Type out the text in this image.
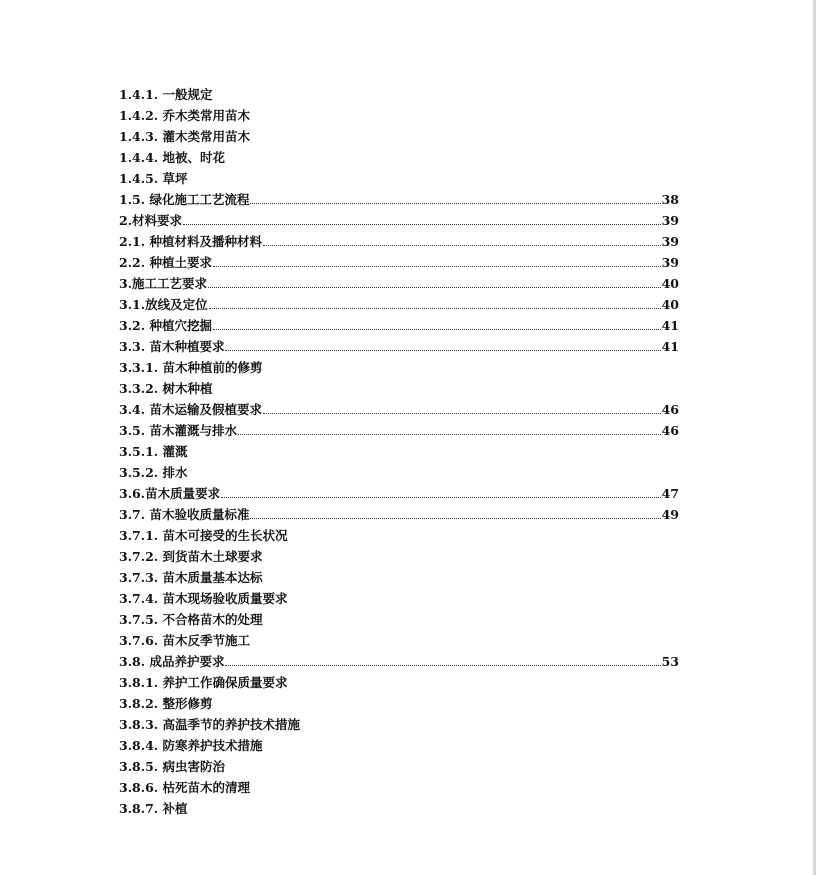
1.4.1. 一般规定
1.4.2. 乔木类常用苗木
1.4.3. 灌木类常用苗木
1.4.4. 地被、时花
1.4.5. 草坪
1.5. 绿化施工工艺流程	38
2.材料要求	39
2.1. 种植材料及播种材料	39
2.2. 种植土要求	39
3.施工工艺要求	40
3.1.放线及定位	40
3.2. 种植穴挖掘	41
3.3. 苗木种植要求	41
3.3.1. 苗木种植前的修剪
3.3.2. 树木种植
3.4. 苗木运输及假植要求	46
3.5. 苗木灌溉与排水	46
3.5.1. 灌溉
3.5.2. 排水
3.6.苗木质量要求	47
3.7. 苗木验收质量标准	49
3.7.1. 苗木可接受的生长状况
3.7.2. 到货苗木土球要求
3.7.3. 苗木质量基本达标
3.7.4. 苗木现场验收质量要求
3.7.5. 不合格苗木的处理
3.7.6. 苗木反季节施工
3.8. 成品养护要求	53
3.8.1. 养护工作确保质量要求
3.8.2. 整形修剪
3.8.3. 高温季节的养护技术措施
3.8.4. 防寒养护技术措施
3.8.5. 病虫害防治
3.8.6. 枯死苗木的清理
3.8.7. 补植
